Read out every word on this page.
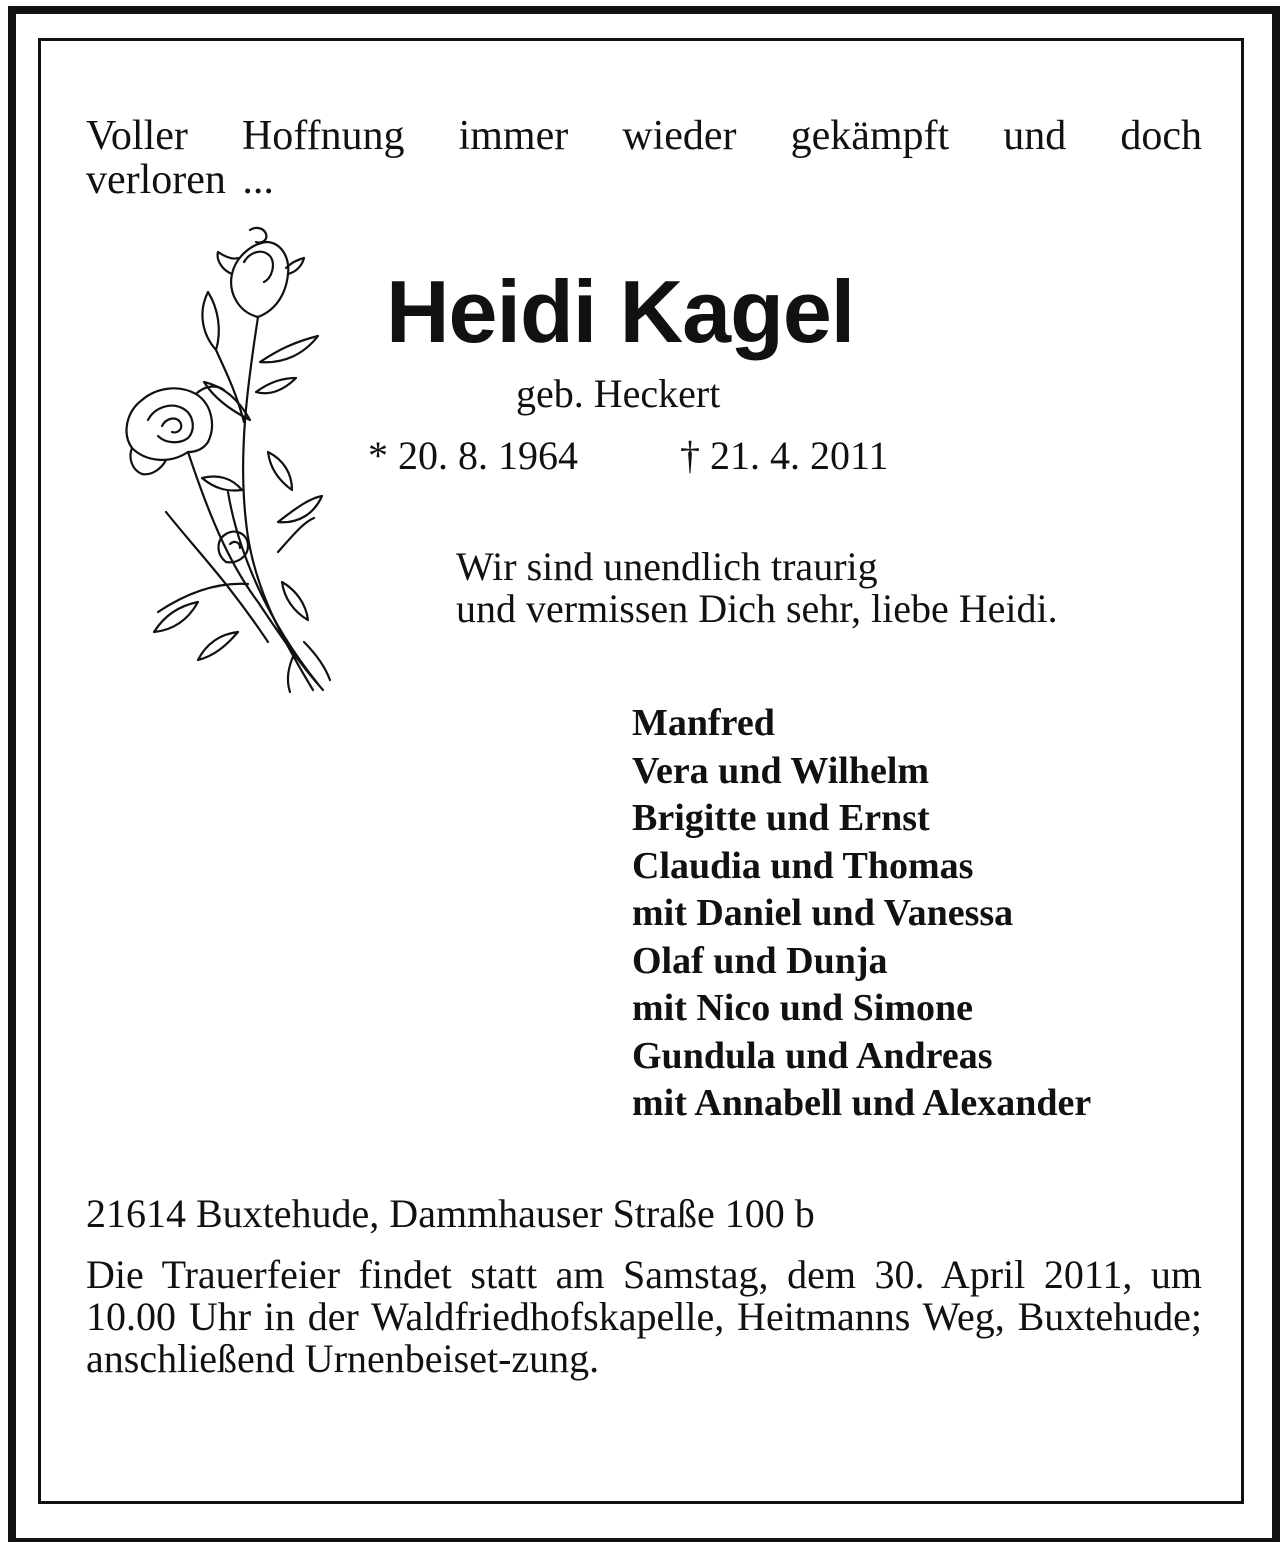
Voller Hoffnung immer wieder gekämpft und doch
verloren ...
Heidi Kagel
geb. Heckert
* 20. 8. 1964	† 21. 4. 2011
Wir sind unendlich traurig
und vermissen Dich sehr, liebe Heidi.
Manfred
Vera und Wilhelm
Brigitte und Ernst
Claudia und Thomas
mit Daniel und Vanessa
Olaf und Dunja
mit Nico und Simone
Gundula und Andreas
mit Annabell und Alexander
21614 Buxtehude, Dammhauser Straße 100 b
Die Trauerfeier findet statt am Samstag, dem 30. April 2011, um 10.00 Uhr in der Waldfriedhofskapelle, Heitmanns Weg, Buxtehude; anschließend Urnenbeiset-zung.
